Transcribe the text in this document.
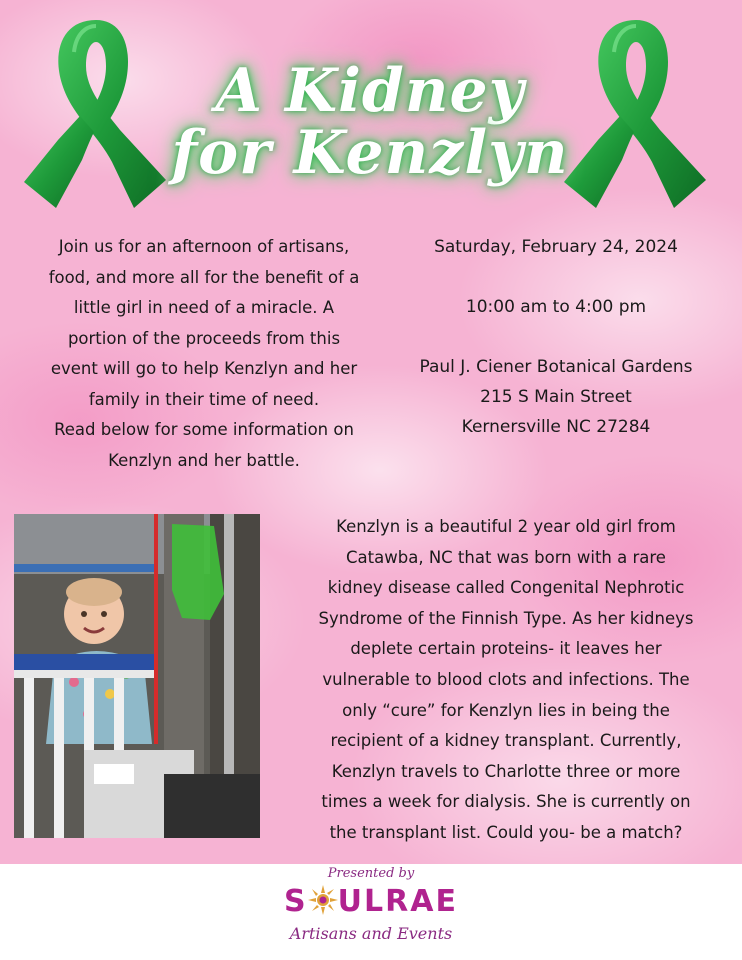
A Kidney
for Kenzlyn
Join us for an afternoon of artisans,
food, and more all for the benefit of a
little girl in need of a miracle. A
portion of the proceeds from this
event will go to help Kenzlyn and her
family in their time of need.
Read below for some information on
Kenzlyn and her battle.
Saturday, February 24, 2024
10:00 am to 4:00 pm
Paul J. Ciener Botanical Gardens
215 S Main Street
Kernersville NC 27284
Kenzlyn is a beautiful 2 year old girl from
Catawba, NC that was born with a rare
kidney disease called Congenital Nephrotic
Syndrome of the Finnish Type. As her kidneys
deplete certain proteins- it leaves her
vulnerable to blood clots and infections. The
only “cure” for Kenzlyn lies in being the
recipient of a kidney transplant. Currently,
Kenzlyn travels to Charlotte three or more
times a week for dialysis. She is currently on
the transplant list. Could you- be a match?
Presented by
S ULRAE
Artisans and Events
